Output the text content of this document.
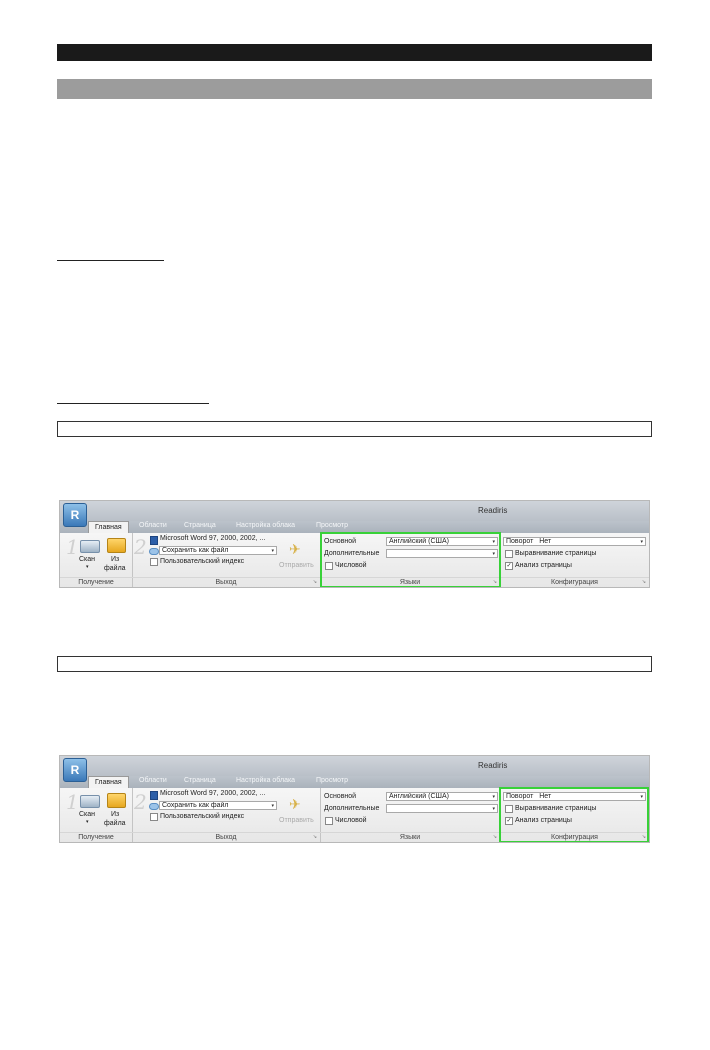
Readiris
R
Главная	Области Страница	Настройка облака	Просмотр
1
Скан
▾
Из
файла
Получение
2 Microsoft Word 97, 2000, 2002, ...
Сохранить как файл	▾
Пользовательский индекс
✈
Отправить
Выход	↘
Основной	Английский (США)	▾
Дополнительные	▾
Числовой
Языки	↘
Поворот Нет	▾
Выравнивание страницы
✓ Анализ страницы
Конфигурация	↘
Readiris
R
Главная	Области Страница	Настройка облака	Просмотр
1
Скан
▾
Из
файла
Получение
2 Microsoft Word 97, 2000, 2002, ...
Сохранить как файл	▾
Пользовательский индекс
✈
Отправить
Выход	↘
Основной	Английский (США)	▾
Дополнительные	▾
Числовой
Языки	↘
Поворот Нет	▾
Выравнивание страницы
✓ Анализ страницы
Конфигурация	↘
